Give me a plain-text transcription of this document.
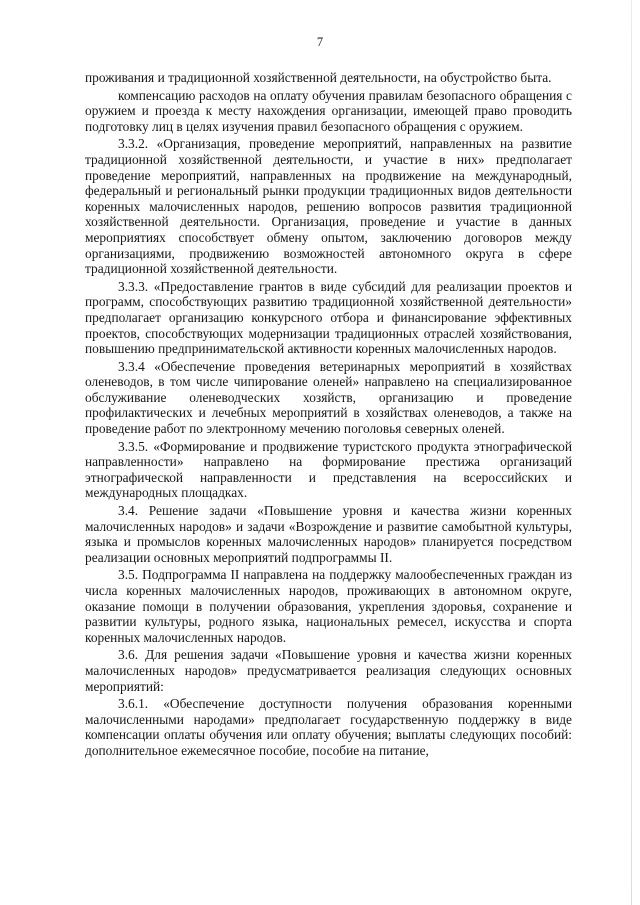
7

проживания и традиционной хозяйственной деятельности, на обустройство быта.

компенсацию расходов на оплату обучения правилам безопасного обращения с оружием и проезда к месту нахождения организации, имеющей право проводить подготовку лиц в целях изучения правил безопасного обращения с оружием.

3.3.2. «Организация, проведение мероприятий, направленных на развитие традиционной хозяйственной деятельности, и участие в них» предполагает проведение мероприятий, направленных на продвижение на международный, федеральный и региональный рынки продукции традиционных видов деятельности коренных малочисленных народов, решению вопросов развития традиционной хозяйственной деятельности. Организация, проведение и участие в данных мероприятиях способствует обмену опытом, заключению договоров между организациями, продвижению возможностей автономного округа в сфере традиционной хозяйственной деятельности.

3.3.3. «Предоставление грантов в виде субсидий для реализации проектов и программ, способствующих развитию традиционной хозяйственной деятельности» предполагает организацию конкурсного отбора и финансирование эффективных проектов, способствующих модернизации традиционных отраслей хозяйствования, повышению предпринимательской активности коренных малочисленных народов.

3.3.4 «Обеспечение проведения ветеринарных мероприятий в хозяйствах оленеводов, в том числе чипирование оленей» направлено на специализированное обслуживание оленеводческих хозяйств, организацию и проведение профилактических и лечебных мероприятий в хозяйствах оленеводов, а также на проведение работ по электронному мечению поголовья северных оленей.

3.3.5. «Формирование и продвижение туристского продукта этнографической направленности» направлено на формирование престижа организаций этнографической направленности и представления на всероссийских и международных площадках.

3.4. Решение задачи «Повышение уровня и качества жизни коренных малочисленных народов» и задачи «Возрождение и развитие самобытной культуры, языка и промыслов коренных малочисленных народов» планируется посредством реализации основных мероприятий подпрограммы II.

3.5. Подпрограмма II направлена на поддержку малообеспеченных граждан из числа коренных малочисленных народов, проживающих в автономном округе, оказание помощи в получении образования, укрепления здоровья, сохранение и развитии культуры, родного языка, национальных ремесел, искусства и спорта коренных малочисленных народов.

3.6. Для решения задачи «Повышение уровня и качества жизни коренных малочисленных народов» предусматривается реализация следующих основных мероприятий:

3.6.1. «Обеспечение доступности получения образования коренными малочисленными народами» предполагает государственную поддержку в виде компенсации оплаты обучения или оплату обучения; выплаты следующих пособий: дополнительное ежемесячное пособие, пособие на питание,
